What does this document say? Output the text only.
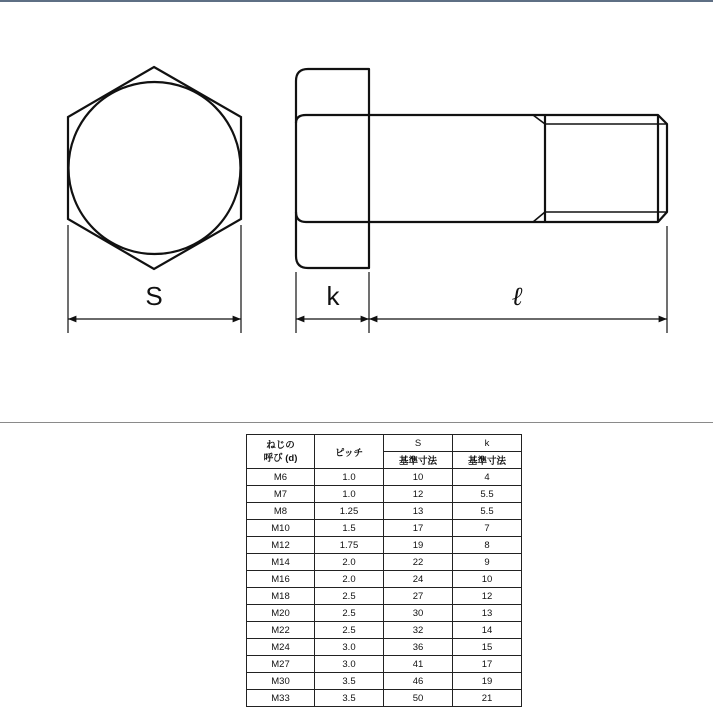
S	k	ℓ
ねじの
呼び (d)	ピッチ	S	k
		基準寸法	基準寸法
M6	1.0	10	4
M7	1.0	12	5.5
M8	1.25	13	5.5
M10	1.5	17	7
M12	1.75	19	8
M14	2.0	22	9
M16	2.0	24	10
M18	2.5	27	12
M20	2.5	30	13
M22	2.5	32	14
M24	3.0	36	15
M27	3.0	41	17
M30	3.5	46	19
M33	3.5	50	21
